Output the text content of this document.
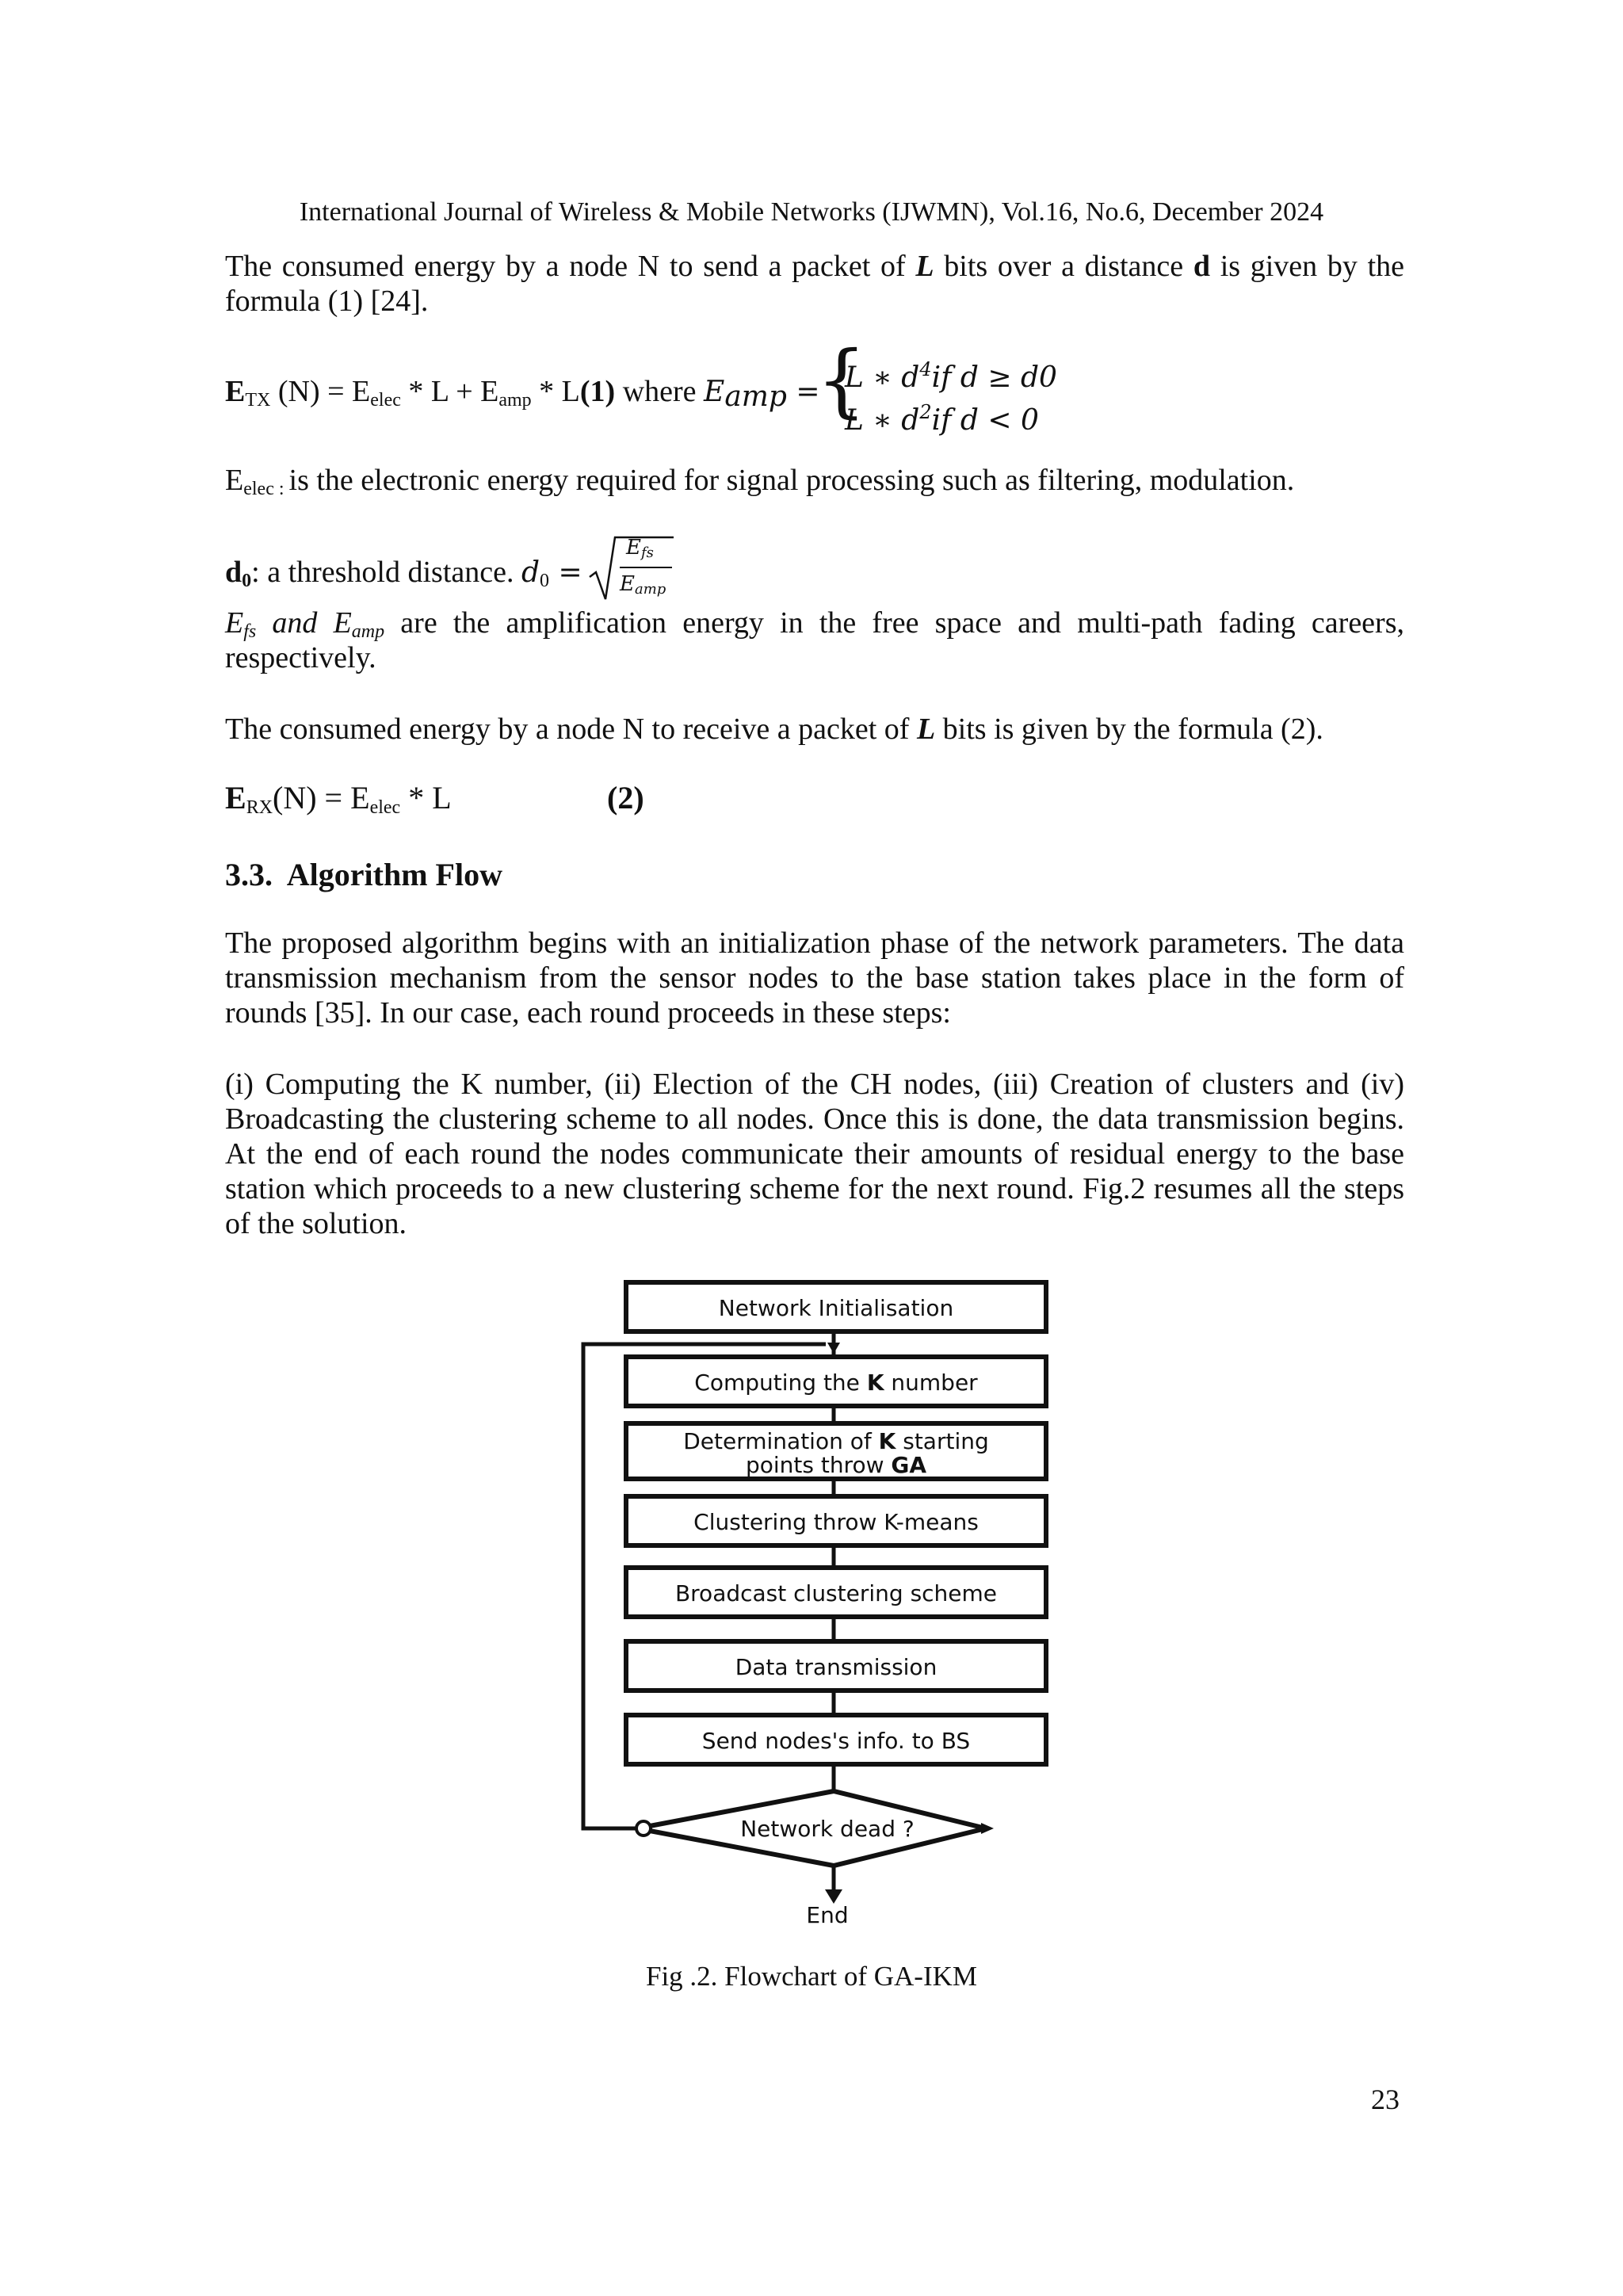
International Journal of Wireless & Mobile Networks (IJWMN), Vol.16, No.6, December 2024
The consumed energy by a node N to send a packet of L bits over a distance d is given by the
formula (1) [24].
$E_{TX}$ $(N) = E_{elec} * L + E_{amp} * L(1)$ where Eamp =
{
L ∗ $d^4if$ d ≥ d0
L ∗ $d^2if$ d < 0
$E_{elec :}$ is the electronic energy required for signal processing such as filtering, modulation.
$d_0$: a threshold distance. $d_0$ =
Efs
Eamp
$E_{fs}$ and $E_{amp}$ are the amplification energy in the free space and multi-path fading careers,
respectively.
The consumed energy by a node N to receive a packet of L bits is given by the formula (2).
$E_{RX}(N) = E_{elec} * L$	(2)
3.3. Algorithm Flow
The proposed algorithm begins with an initialization phase of the network parameters. The data
transmission mechanism from the sensor nodes to the base station takes place in the form of
rounds [35]. In our case, each round proceeds in these steps:
(i) Computing the K number, (ii) Election of the CH nodes, (iii) Creation of clusters and (iv)
Broadcasting the clustering scheme to all nodes. Once this is done, the data transmission begins.
At the end of each round the nodes communicate their amounts of residual energy to the base
station which proceeds to a new clustering scheme for the next round. Fig.2 resumes all the steps
of the solution.
Network Initialisation
Computing the K number
Determination of K starting
points throw GA
Clustering throw K-means
Broadcast clustering scheme
Data transmission
Send nodes's info. to BS
Network dead ?
End
Fig .2. Flowchart of GA-IKM
23
